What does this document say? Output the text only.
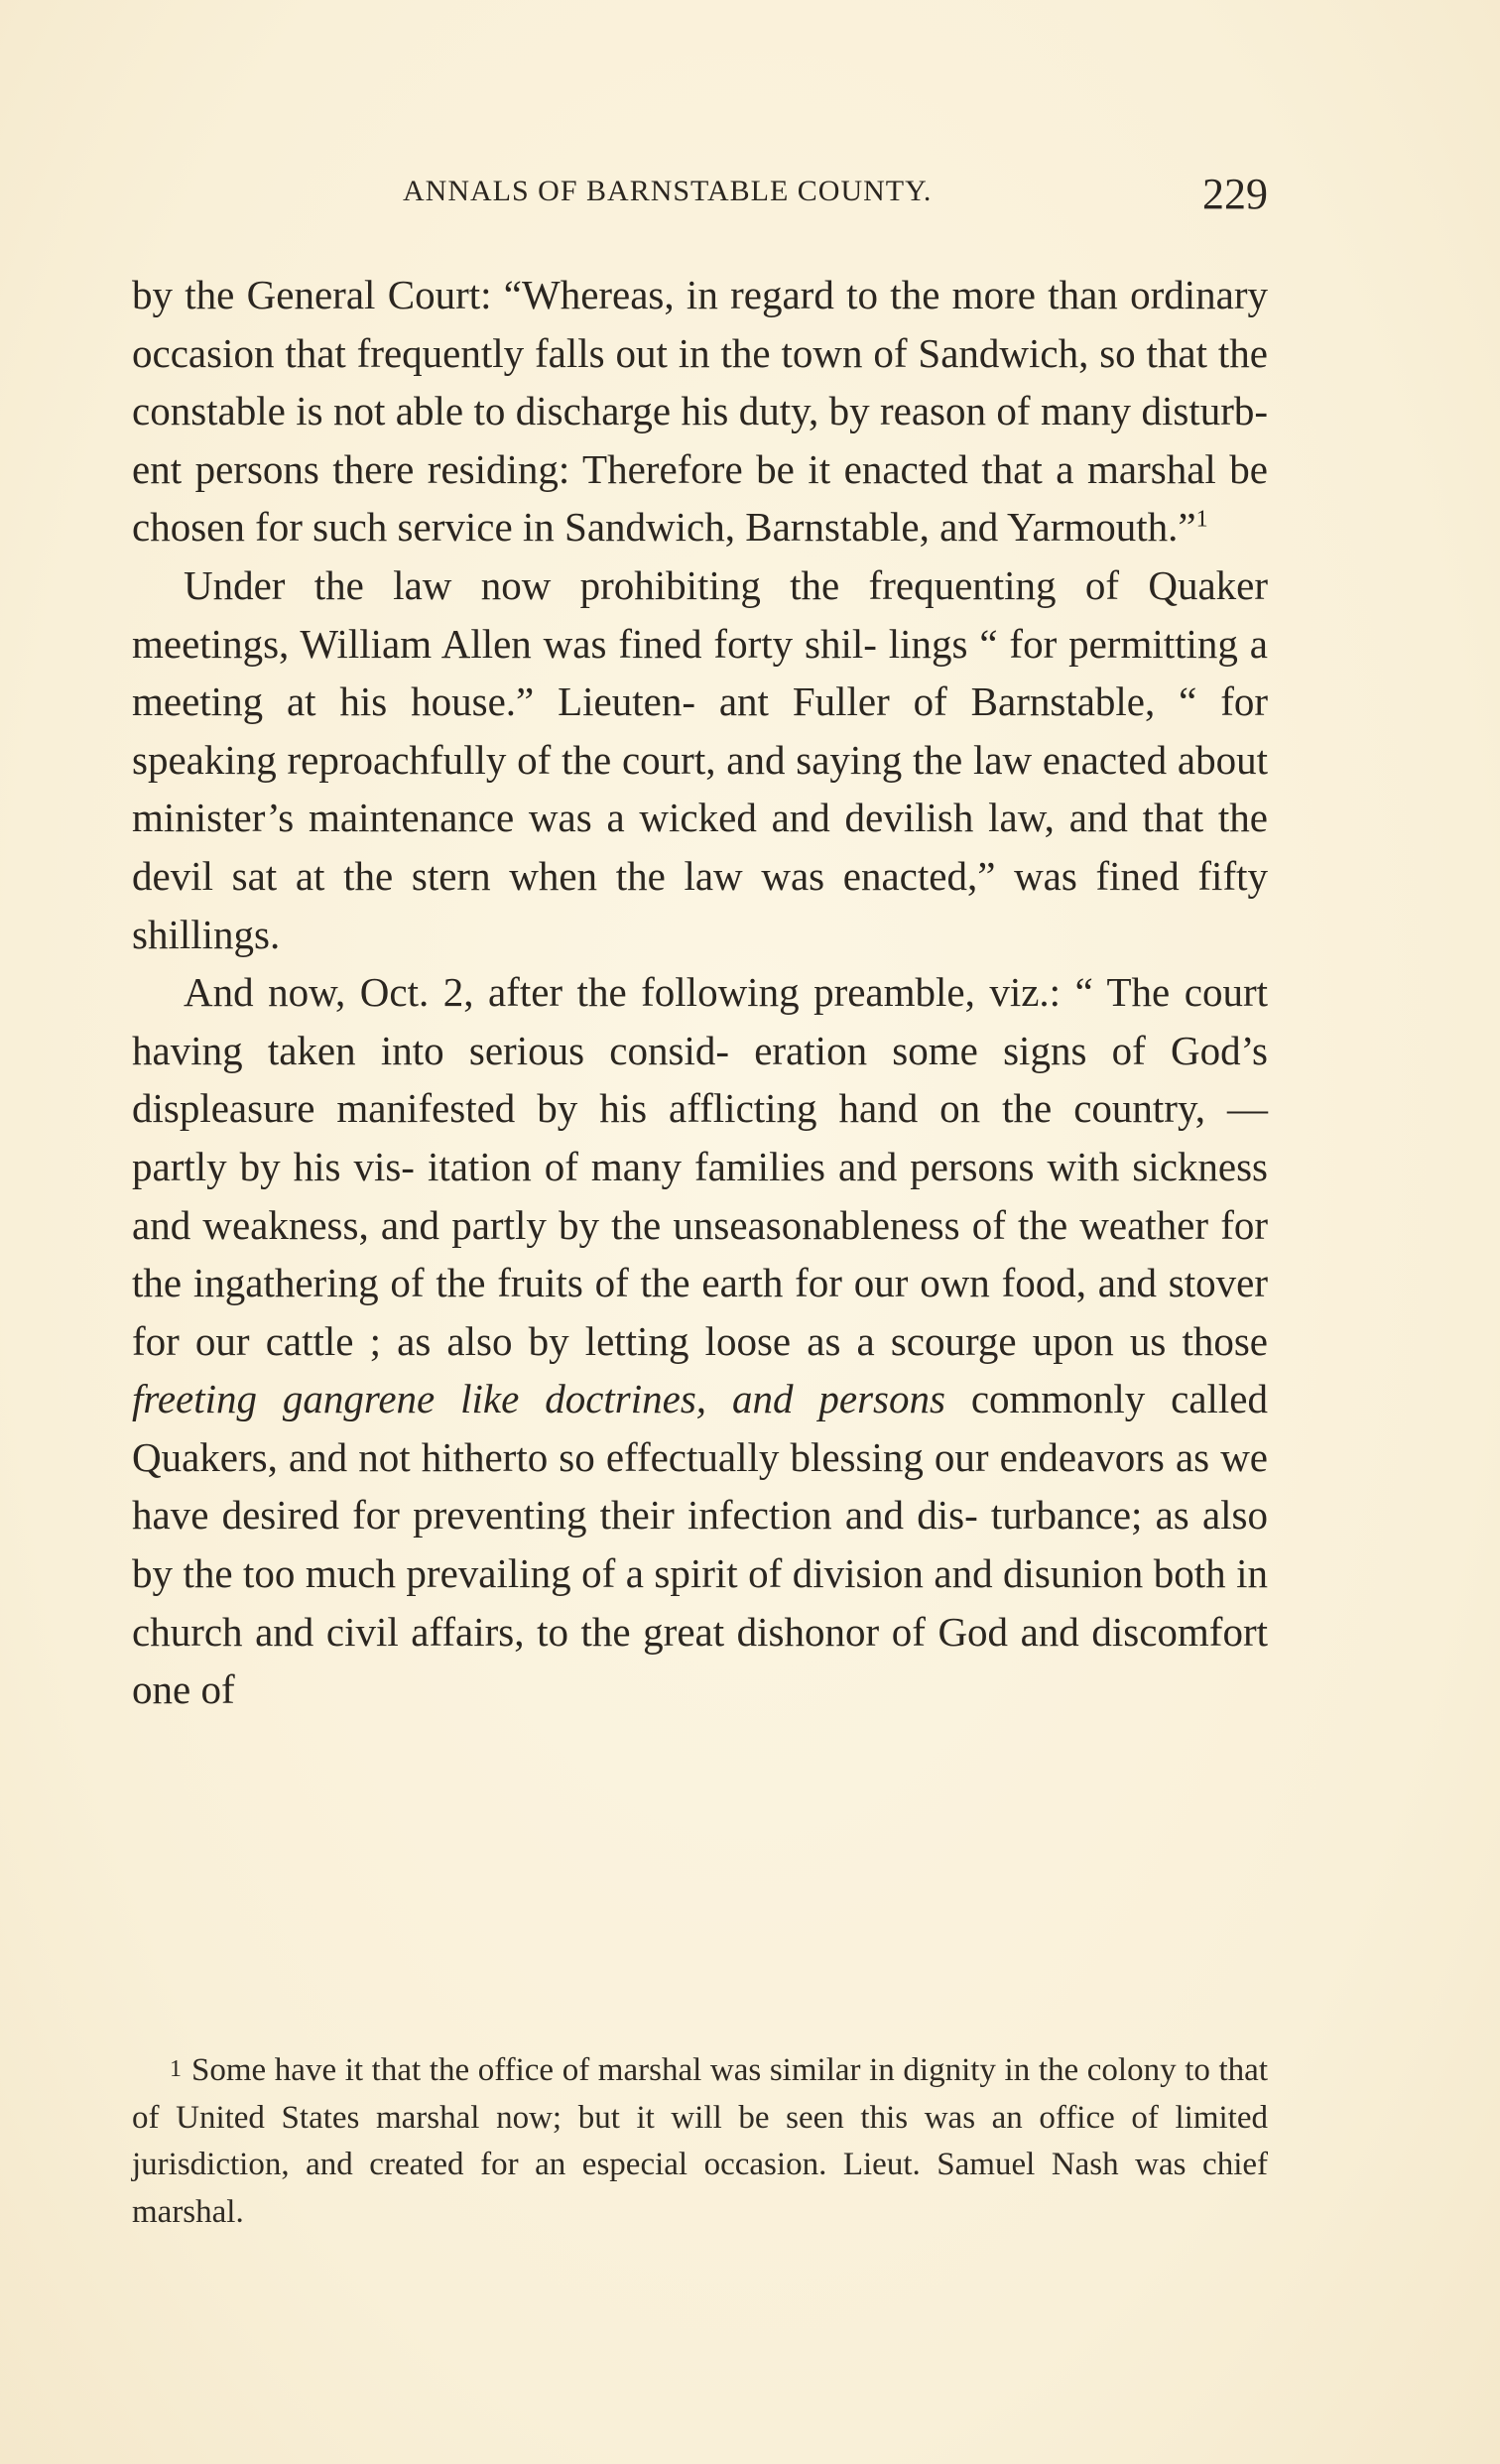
ANNALS OF BARNSTABLE COUNTY.	229

by the General Court: “Whereas, in regard to the more than ordinary occasion that frequently falls out in the town of Sandwich, so that the constable is not able to discharge his duty, by reason of many disturb- ent persons there residing: Therefore be it enacted that a marshal be chosen for such service in Sandwich, Barnstable, and Yarmouth.”$^1$

Under the law now prohibiting the frequenting of Quaker meetings, William Allen was fined forty shil- lings “ for permitting a meeting at his house.” Lieuten- ant Fuller of Barnstable, “ for speaking reproachfully of the court, and saying the law enacted about minister’s maintenance was a wicked and devilish law, and that the devil sat at the stern when the law was enacted,” was fined fifty shillings.

And now, Oct. 2, after the following preamble, viz.: “ The court having taken into serious consid- eration some signs of God’s displeasure manifested by his afflicting hand on the country, — partly by his vis- itation of many families and persons with sickness and weakness, and partly by the unseasonableness of the weather for the ingathering of the fruits of the earth for our own food, and stover for our cattle ; as also by letting loose as a scourge upon us those freeting gangrene like doctrines, and persons commonly called Quakers, and not hitherto so effectually blessing our endeavors as we have desired for preventing their infection and dis- turbance; as also by the too much prevailing of a spirit of division and disunion both in church and civil affairs, to the great dishonor of God and discomfort one of

1 Some have it that the office of marshal was similar in dignity in the colony to that of United States marshal now; but it will be seen this was an office of limited jurisdiction, and created for an especial occasion. Lieut. Samuel Nash was chief marshal.
